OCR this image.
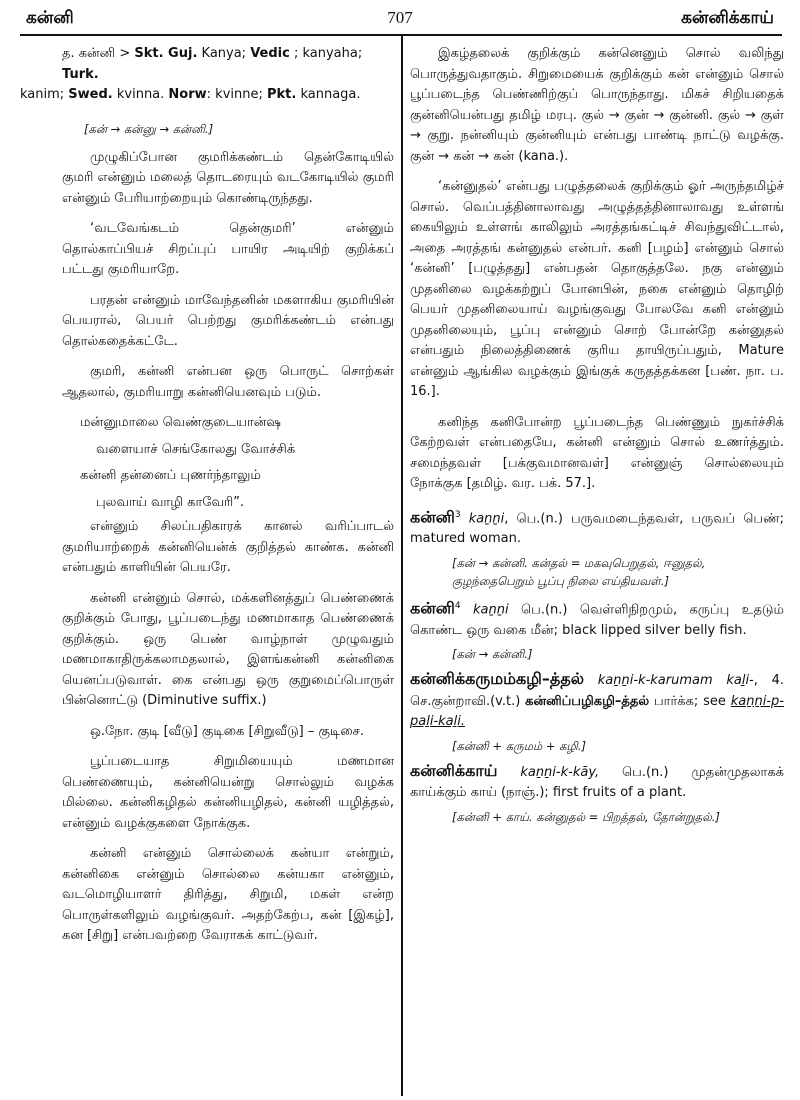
கன்னி	707	கன்னிக்காய்

த. கன்னி > Skt. Guj. Kanya; Vedic ; kanyaha; Turk.
kanim; Swed. kvinna. Norw: kvinne; Pkt. kannaga.

[கன் → கன்னு → கன்னி.]

முழுகிப்போன குமரிக்கண்டம் தென்கோடியில் குமரி என்னும் மலைத் தொடரையும் வடகோடியில் குமரி என்னும் பேரியாற்றையும் கொண்டிருந்தது.

‘வடவேங்கடம் தென்குமரி’ என்னும் தொல்காப்பியச் சிறப்புப் பாயிர அடியிற் குறிக்கப் பட்டது குமரியாறே.

பரதன் என்னும் மாவேந்தனின் மகளாகிய குமரியின் பெயரால், பெயர் பெற்றது குமரிக்கண்டம் என்பது தொல்கதைக்கட்டே.

குமரி, கன்னி என்பன ஒரு பொருட் சொற்கள் ஆதலால், குமரியாறு கன்னியெனவும் படும்.

மன்னுமாலை வெண்குடையான்ஷ

வளையாச் செங்கோலது வோச்சிக்

கன்னி தன்னைப் புணர்ந்தாலும்

புலவாய் வாழி காவேரி”.

என்னும் சிலப்பதிகாரக் கானல் வரிப்பாடல் குமரியாற்றைக் கன்னியென்க் குறித்தல் காண்க. கன்னி என்பதும் காளியின் பெயரே.

கன்னி என்னும் சொல், மக்களினத்துப் பெண்ணைக் குறிக்கும் போது, பூப்படைந்து மணமாகாத பெண்ணைக் குறிக்கும். ஒரு பெண் வாழ்நாள் முழுவதும் மணமாகாதிருக்கலாமதலால், இளங்கன்னி கன்னிகை யெனப்படுவாள். கை என்பது ஒரு குறுமைப்பொருள் பின்னொட்டு (Diminutive suffix.)

ஒ.நோ. குடி [வீடு] குடிகை [சிறுவீடு] – குடிசை.

பூப்படையாத சிறுமியையும் மணமான பெண்ணையும், கன்னியென்று சொல்லும் வழக்க மில்லை. கன்னிகழிதல் கன்னியழிதல், கன்னி யழித்தல், என்னும் வழக்குகளை நோக்குக.

கன்னி என்னும் சொல்லைக் கன்யா என்றும், கன்னிகை என்னும் சொல்லை கன்யகா என்னும், வடமொழியாளர் திரித்து, சிறுமி, மகள் என்ற பொருள்களிலும் வழங்குவர். அதற்கேற்ப, கன் [இகழ்], கன [சிறு] என்பவற்றை வேராகக் காட்டுவர்.

இகழ்தலைக் குறிக்கும் கன்னெனும் சொல் வலிந்து பொருத்துவதாகும். சிறுமையைக் குறிக்கும் கன் என்னும் சொல் பூப்படைந்த பெண்ணிற்குப் பொருந்தாது. மிகச் சிறியதைக் குன்னியென்பது தமிழ் மரபு. குல் → குன் → குன்னி. குல் → குள் → குறு. நன்னியும் குன்னியும் என்பது பாண்டி நாட்டு வழக்கு. குன் → கன் → கன் (kana.).

‘கன்னுதல்’ என்பது பழுத்தலைக் குறிக்கும் ஓர் அருந்தமிழ்ச் சொல். வெப்பத்தினாலாவது அழுத்தத்தினாலாவது உள்ளங் கையிலும் உள்ளங் காலிலும் அரத்தங்கட்டிச் சிவந்துவிட்டால், அதை அரத்தங் கன்னுதல் என்பர். கனி [பழம்] என்னும் சொல் ‘கன்னி’ [பழுத்தது] என்பதன் தொகுத்தலே. நகு என்னும் முதனிலை வழக்கற்றுப் போனபின், நகை என்னும் தொழிற் பெயர் முதனிலையாய் வழங்குவது போலவே கனி என்னும் முதனிலையும், பூப்பு என்னும் சொற் போன்றே கன்னுதல் என்பதும் நிலைத்திணைக் குரிய தாயிருப்பதும், Mature என்னும் ஆங்கில வழக்கும் இங்குக் கருதத்தக்கன [பண். நா. ப. 16.].

கனிந்த கனிபோன்ற பூப்படைந்த பெண்ணும் நுகர்ச்சிக் கேற்றவள் என்பதையே, கன்னி என்னும் சொல் உணர்த்தும். சமைந்தவள் [பக்குவமானவள்] என்னுஞ் சொல்லையும் நோக்குக [தமிழ். வர. பக். 57.].

கன்னி$^3$ kaṉṉi, பெ.(n.) பருவமடைந்தவள், பருவப் பெண்; matured woman.

[கன் → கன்னி. கன்தல் = மகவுபெறுதல், ஈனுதல், குழந்தைபெறும் பூப்பு நிலை எய்தியவள்.]

கன்னி$^4$ kaṉṉi பெ.(n.) வெள்ளிநிறமும், கருப்பு உதடும் கொண்ட ஒரு வகை மீன்; black lipped silver belly fish.

[கன் → கன்னி.]

கன்னிக்கருமம்கழி–த்தல் kaṉṉi-k-karumam kaḻi-, 4. செ.குன்றாவி.(v.t.) கன்னிப்பழிகழி–த்தல் பார்க்க; see kaṉṉi-p-paḻi-kaḻi.

[கன்னி + கருமம் + கழி.]

கன்னிக்காய் kaṉṉi-k-kāy, பெ.(n.) முதன்முதலாகக் காய்க்கும் காய் (நாஞ்.); first fruits of a plant.

[கன்னி + காய். கன்னுதல் = பிறத்தல், தோன்றுதல்.]
